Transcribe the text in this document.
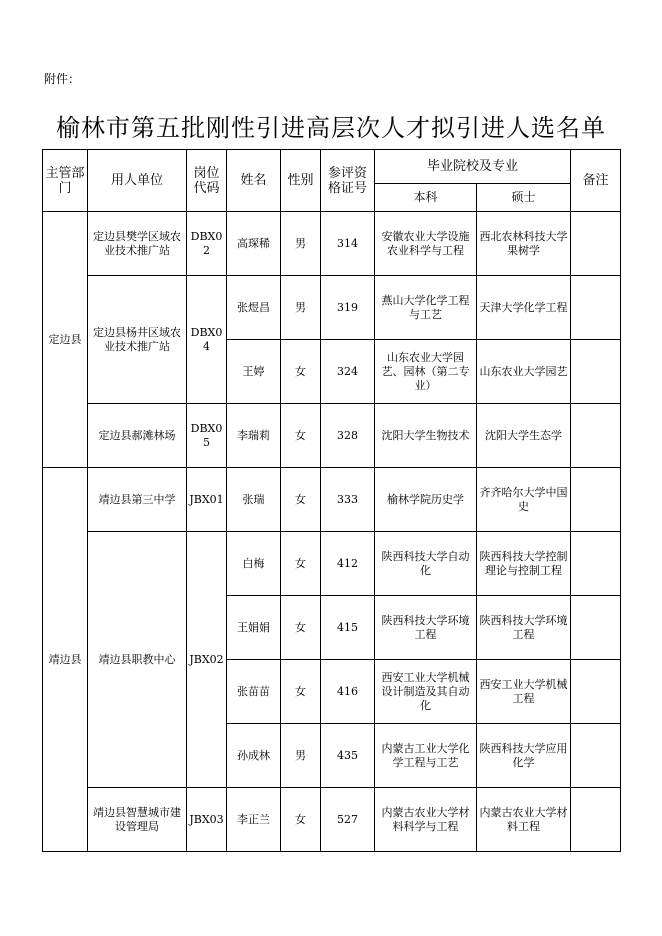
附件：
榆林市第五批刚性引进高层次人才拟引进人选名单
主管部门	用人单位	岗位代码	姓名	性别	参评资格证号	毕业院校及专业		备注
						本科	硕士	
定边县	定边县樊学区域农业技术推广站	DBX02	高琛稀	男	314	安徽农业大学设施农业科学与工程	西北农林科技大学果树学	
	定边县杨井区域农业技术推广站	DBX04	张煜昌	男	319	燕山大学化学工程与工艺	天津大学化学工程	
			王婷	女	324	山东农业大学园艺、园林（第二专业）	山东农业大学园艺	
	定边县郝滩林场	DBX05	李瑞莉	女	328	沈阳大学生物技术	沈阳大学生态学	
靖边县	靖边县第三中学	JBX01	张瑞	女	333	榆林学院历史学	齐齐哈尔大学中国史	
	靖边县职教中心	JBX02	白梅	女	412	陕西科技大学自动化	陕西科技大学控制理论与控制工程	
			王娟娟	女	415	陕西科技大学环境工程	陕西科技大学环境工程	
			张苗苗	女	416	西安工业大学机械设计制造及其自动化	西安工业大学机械工程	
			孙成林	男	435	内蒙古工业大学化学工程与工艺	陕西科技大学应用化学	
	靖边县智慧城市建设管理局	JBX03	李正兰	女	527	内蒙古农业大学材料科学与工程	内蒙古农业大学材料工程	
